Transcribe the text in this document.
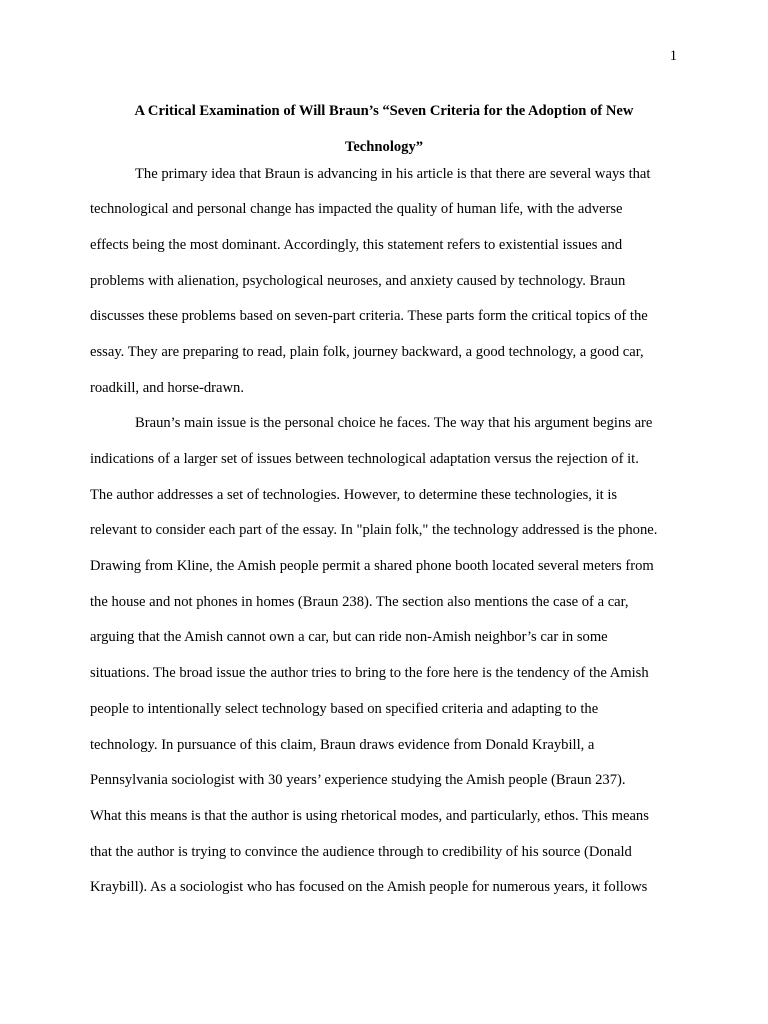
1
A Critical Examination of Will Braun’s “Seven Criteria for the Adoption of New
Technology”
The primary idea that Braun is advancing in his article is that there are several ways that
technological and personal change has impacted the quality of human life, with the adverse
effects being the most dominant. Accordingly, this statement refers to existential issues and
problems with alienation, psychological neuroses, and anxiety caused by technology. Braun
discusses these problems based on seven-part criteria. These parts form the critical topics of the
essay. They are preparing to read, plain folk, journey backward, a good technology, a good car,
roadkill, and horse-drawn.
Braun’s main issue is the personal choice he faces. The way that his argument begins are
indications of a larger set of issues between technological adaptation versus the rejection of it.
The author addresses a set of technologies. However, to determine these technologies, it is
relevant to consider each part of the essay. In "plain folk," the technology addressed is the phone.
Drawing from Kline, the Amish people permit a shared phone booth located several meters from
the house and not phones in homes (Braun 238). The section also mentions the case of a car,
arguing that the Amish cannot own a car, but can ride non-Amish neighbor’s car in some
situations. The broad issue the author tries to bring to the fore here is the tendency of the Amish
people to intentionally select technology based on specified criteria and adapting to the
technology. In pursuance of this claim, Braun draws evidence from Donald Kraybill, a
Pennsylvania sociologist with 30 years’ experience studying the Amish people (Braun 237).
What this means is that the author is using rhetorical modes, and particularly, ethos. This means
that the author is trying to convince the audience through to credibility of his source (Donald
Kraybill). As a sociologist who has focused on the Amish people for numerous years, it follows
